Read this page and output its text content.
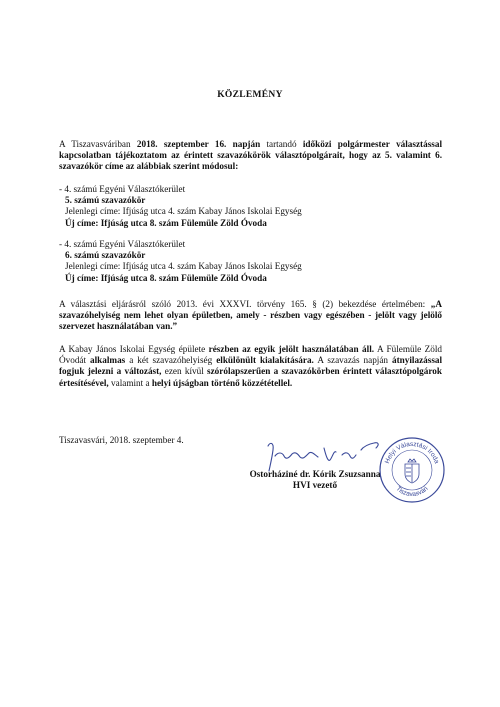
KÖZLEMÉNY
A Tiszavasváriban 2018. szeptember 16. napján tartandó időközi polgármester választással kapcsolatban tájékoztatom az érintett szavazókörök választópolgárait, hogy az 5. valamint 6. szavazókör címe az alábbiak szerint módosul:
- 4. számú Egyéni Választókerület
5. számú szavazókör
Jelenlegi címe: Ifjúság utca 4. szám Kabay János Iskolai Egység
Új címe: Ifjúság utca 8. szám Fülemüle Zöld Óvoda
- 4. számú Egyéni Választókerület
6. számú szavazókör
Jelenlegi címe: Ifjúság utca 4. szám Kabay János Iskolai Egység
Új címe: Ifjúság utca 8. szám Fülemüle Zöld Óvoda
A választási eljárásról szóló 2013. évi XXXVI. törvény 165. § (2) bekezdése értelmében: „A szavazóhelyiség nem lehet olyan épületben, amely - részben vagy egészében - jelölt vagy jelölő szervezet használatában van.”
A Kabay János Iskolai Egység épülete részben az egyik jelölt használatában áll. A Fülemüle Zöld Óvodát alkalmas a két szavazóhelyiség elkülönült kialakítására. A szavazás napján átnyilazással fogjuk jelezni a változást, ezen kívül szórólapszerűen a szavazókörben érintett választópolgárok értesítésével, valamint a helyi újságban történő közzététellel.
Tiszavasvári, 2018. szeptember 4.
Helyi Választási Iroda
Tiszavasvári
Ostorháziné dr. Kórik Zsuzsanna
HVI vezető
